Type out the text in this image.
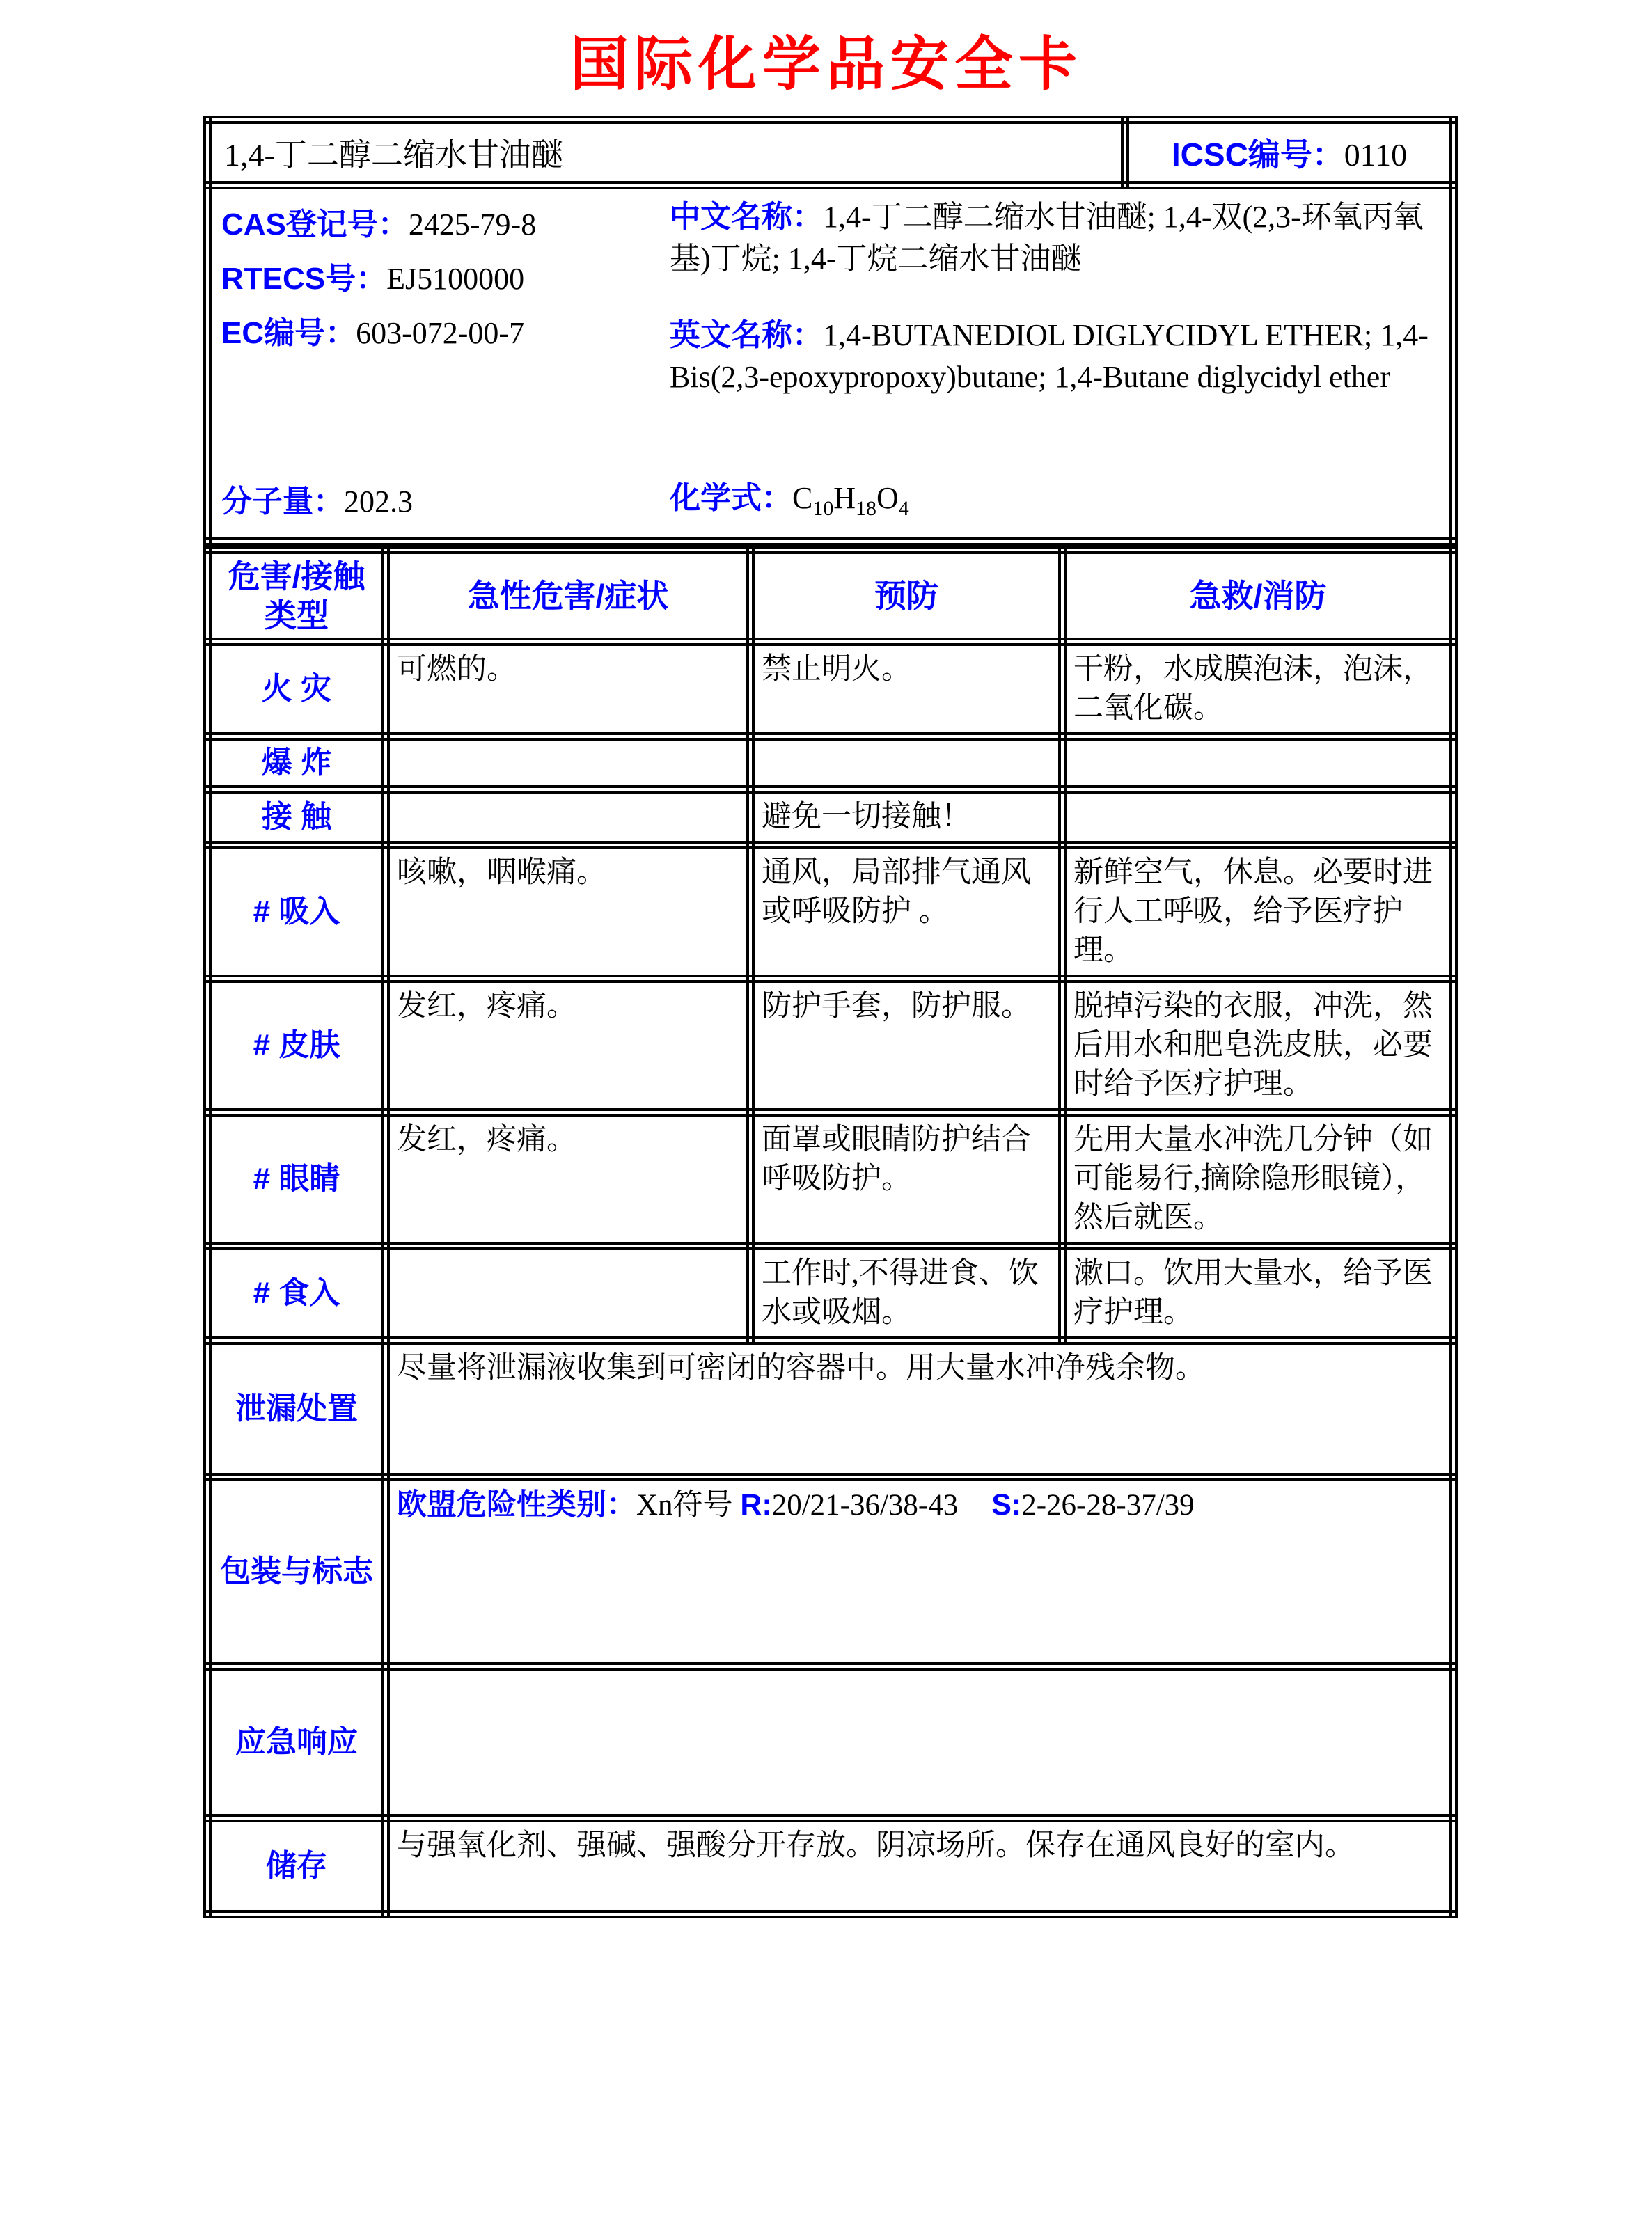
国际化学品安全卡
1,4-丁二醇二缩水甘油醚	ICSC编号：0110

CAS登记号：2425-79-8
RTECS号：EJ5100000
EC编号：603-072-00-7

中文名称：1,4-丁二醇二缩水甘油醚; 1,4-双(2,3-环氧丙氧基)丁烷; 1,4-丁烷二缩水甘油醚

英文名称：1,4-BUTANEDIOL DIGLYCIDYL ETHER; 1,4-Bis(2,3-epoxypropoxy)butane; 1,4-Butane diglycidyl ether

分子量：202.3	化学式：$C_{10}H_{18}O_4$
危害/接触
类型	急性危害/症状	预防	急救/消防
火 灾	可燃的。	禁止明火。	干粉，水成膜泡沫，泡沫，二氧化碳。
爆 炸			
接 触		避免一切接触！	
# 吸入	咳嗽，咽喉痛。	通风，局部排气通风或呼吸防护 。	新鲜空气，休息。必要时进行人工呼吸，给予医疗护理。
# 皮肤	发红，疼痛。	防护手套，防护服。	脱掉污染的衣服，冲洗，然后用水和肥皂洗皮肤，必要时给予医疗护理。
# 眼睛	发红，疼痛。	面罩或眼睛防护结合呼吸防护。	先用大量水冲洗几分钟（如可能易行,摘除隐形眼镜），然后就医。
# 食入		工作时,不得进食、饮水或吸烟。	漱口。饮用大量水，给予医疗护理。
泄漏处置	尽量将泄漏液收集到可密闭的容器中。用大量水冲净残余物。		
包装与标志	欧盟危险性类别：Xn符号 R:20/21-36/38-43 S:2-26-28-37/39		
应急响应			
储存	与强氧化剂、强碱、强酸分开存放。阴凉场所。保存在通风良好的室内。		
